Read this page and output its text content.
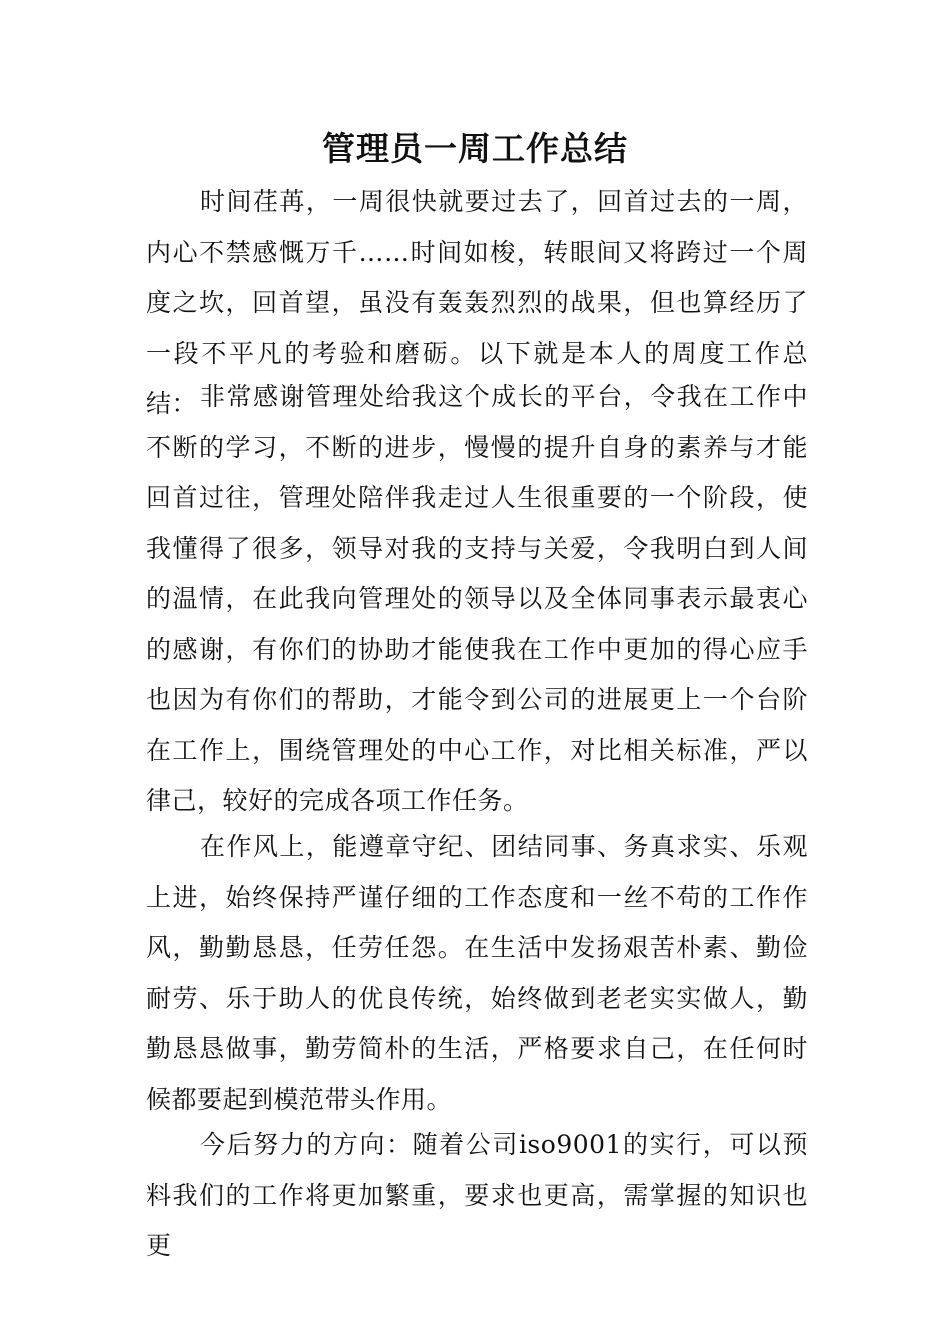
管理员一周工作总结

时间荏苒，一周很快就要过去了，回首过去的一周，内心不禁感慨万千……时间如梭，转眼间又将跨过一个周度之坎，回首望，虽没有轰轰烈烈的战果，但也算经历了一段不平凡的考验和磨砺。以下就是本人的周度工作总结： 非常感谢管理处给我这个成长的平台，令我在工作中不断的学习，不断的进步，慢慢的提升自身的素养与才能回首过往，管理处陪伴我走过人生很重要的一个阶段，使我懂得了很多，领导对我的支持与关爱，令我明白到人间的温情，在此我向管理处的领导以及全体同事表示最衷心的感谢，有你们的协助才能使我在工作中更加的得心应手也因为有你们的帮助，才能令到公司的进展更上一个台阶在工作上，围绕管理处的中心工作，对比相关标准，严以律己，较好的完成各项工作任务。

在作风上，能遵章守纪、团结同事、务真求实、乐观上进，始终保持严谨仔细的工作态度和一丝不苟的工作作风，勤勤恳恳，任劳任怨。在生活中发扬艰苦朴素、勤俭耐劳、乐于助人的优良传统，始终做到老老实实做人，勤勤恳恳做事，勤劳简朴的生活，严格要求自己，在任何时候都要起到模范带头作用。

今后努力的方向：随着公司iso9001的实行，可以预料我们的工作将更加繁重，要求也更高，需掌握的知识也更
